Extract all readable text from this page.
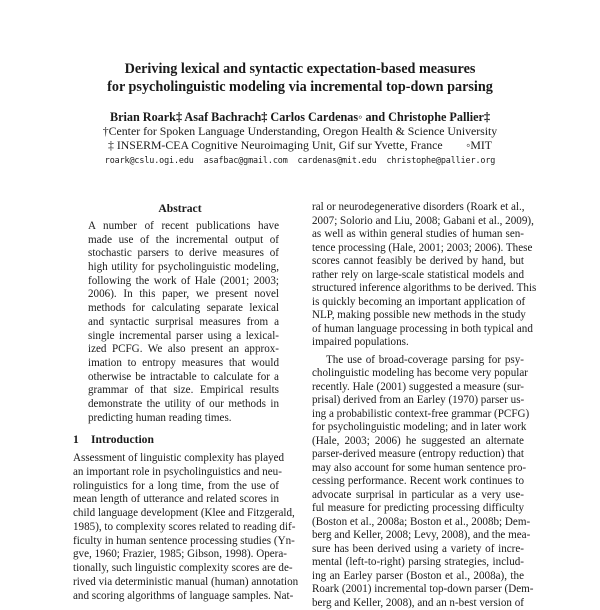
Deriving lexical and syntactic expectation-based measures
for psycholinguistic modeling via incremental top-down parsing
Brian Roark‡ Asaf Bachrach‡ Carlos Cardenas◦ and Christophe Pallier‡
†Center for Spoken Language Understanding, Oregon Health & Science University
‡ INSERM-CEA Cognitive Neuroimaging Unit, Gif sur Yvette, France        ◦MIT
roark@cslu.ogi.edu  asafbac@gmail.com  cardenas@mit.edu  christophe@pallier.org
Abstract
A number of recent publications have
made use of the incremental output of
stochastic parsers to derive measures of
high utility for psycholinguistic modeling,
following the work of Hale (2001; 2003;
2006). In this paper, we present novel
methods for calculating separate lexical
and syntactic surprisal measures from a
single incremental parser using a lexical-
ized PCFG. We also present an approx-
imation to entropy measures that would
otherwise be intractable to calculate for a
grammar of that size. Empirical results
demonstrate the utility of our methods in
predicting human reading times.
1 Introduction
Assessment of linguistic complexity has played
an important role in psycholinguistics and neu-
rolinguistics for a long time, from the use of
mean length of utterance and related scores in
child language development (Klee and Fitzgerald,
1985), to complexity scores related to reading dif-
ficulty in human sentence processing studies (Yn-
gve, 1960; Frazier, 1985; Gibson, 1998). Opera-
tionally, such linguistic complexity scores are de-
rived via deterministic manual (human) annotation
and scoring algorithms of language samples. Nat-
ral or neurodegenerative disorders (Roark et al.,
2007; Solorio and Liu, 2008; Gabani et al., 2009),
as well as within general studies of human sen-
tence processing (Hale, 2001; 2003; 2006). These
scores cannot feasibly be derived by hand, but
rather rely on large-scale statistical models and
structured inference algorithms to be derived. This
is quickly becoming an important application of
NLP, making possible new methods in the study
of human language processing in both typical and
impaired populations.
The use of broad-coverage parsing for psy-
cholinguistic modeling has become very popular
recently. Hale (2001) suggested a measure (sur-
prisal) derived from an Earley (1970) parser us-
ing a probabilistic context-free grammar (PCFG)
for psycholinguistic modeling; and in later work
(Hale, 2003; 2006) he suggested an alternate
parser-derived measure (entropy reduction) that
may also account for some human sentence pro-
cessing performance. Recent work continues to
advocate surprisal in particular as a very use-
ful measure for predicting processing difficulty
(Boston et al., 2008a; Boston et al., 2008b; Dem-
berg and Keller, 2008; Levy, 2008), and the mea-
sure has been derived using a variety of incre-
mental (left-to-right) parsing strategies, includ-
ing an Earley parser (Boston et al., 2008a), the
Roark (2001) incremental top-down parser (Dem-
berg and Keller, 2008), and an n-best version of
